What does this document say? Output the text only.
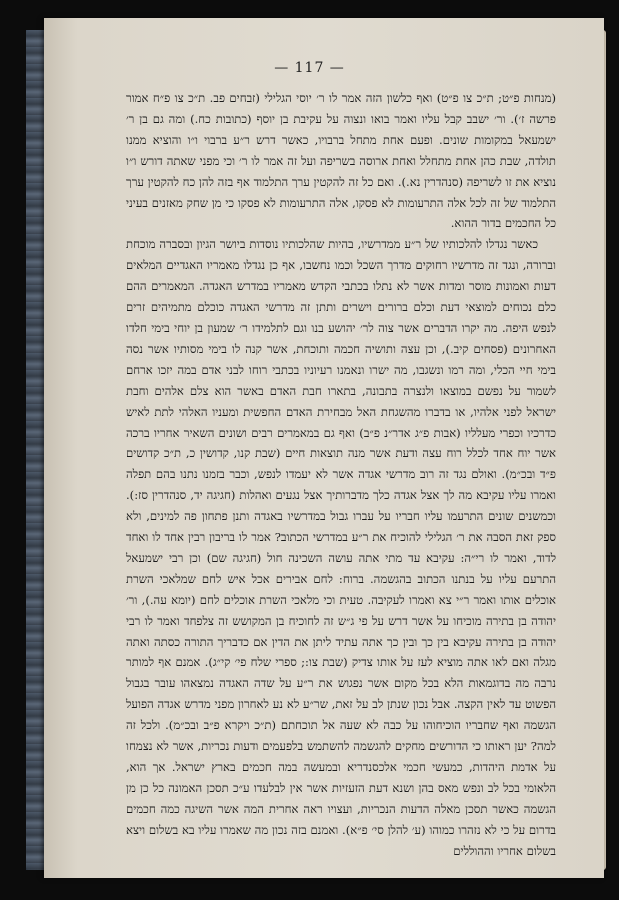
— 117 —

(מנחות פ״ט; ת״כ צו פ״ט) ואף כלשון הזה אמר לו ר׳ יוסי הגלילי (זבחים פב. ת״כ צו פ״ח אמור פרשה ז׳). ור׳ ישבב קבל עליו ואמר בואו ונצוה על עקיבת בן יוסף (כתובות כח.) ומה גם בן ר׳ ישמעאל במקומות שונים. ופעם אחת מתחל ברבויו, כאשר דרש ר״ע ברבוי ו״ו והוציא ממנו תולדה, שבת כהן אחת מתחלל ואחת ארוסה בשריפה ועל זה אמר לו ר׳ וכי מפני שאתה דורש ו״ו נוציא את זו לשריפה (סנהדרין נא.). ואם כל זה להקטין ערך התלמוד אף בזה להן כח להקטין ערך התלמוד של זה לכל אלה התרעומות לא פסקו, אלה התרעומות לא פסקו כי מן שחק מאזנים בעיני כל החכמים בדור ההוא.

כאשר נגדלו להלכותיו של ר״ע ממדרשיו, בהיות שהלכותיו נוסדות ביושר הגיון ובסברה מוכחת וברורה, ונגד זה מדרשיו רחוקים מדרך השכל וכמו נחשבו, אף כן נגדלו מאמריו האגדיים המלאים דעות ואמונות מוסר ומדות אשר לא נתלו בכתבי הקדש מאמריו במדרש האגדה. המאמרים ההם כלם נכוחים למוצאי דעת וכלם ברורים וישרים ותתן זה מדרשי האגדה כוכלם מתמיהים זרים לנפש היפה. מה יקרו הדברים אשר צוה לר׳ יהושע בנו וגם לתלמידו ר׳ שמעון בן יוחי בימי חלדו האחרונים (פסחים קיב.), וכן עצה ותושיה חכמה ותוכחת, אשר קנה לו בימי מסותיו אשר נסה בימי חיי הכלי, ומה רמו ונשגבו, מה ישרו ונאמנו רעיוניו בכתבי רוחו לבני אדם במה יזכו ארחם לשמור על נפשם במוצאו ולנצרה בתבונה, בתארו חבת האדם באשר הוא צלם אלהים וחבת ישראל לפני אלהיו, או בדברו מהשגחת האל מבחירת האדם החפשית ומעניו האלהי לתת לאיש כדרכיו וכפרי מעלליו (אבות פ״ג אדר״נ פ״ב) ואף גם במאמרים רבים ושונים השאיר אחריו ברכה אשר יוח אחד לכלל רוח עצה ודעת אשר מנה תוצאות חיים (שבת קנו, קדושין כ, ת״כ קדושים פ״ד ובכ״מ). ואולם נגד זה רוב מדרשי אגדה אשר לא יעמדו לנפש, וכבר בזמנו נתנו בהם תפלה ואמרו עליו עקיבא מה לך אצל אגדה כלך מדברותיך אצל נגעים ואהלות (חגיגה יד, סנהדרין סז:). וכמשנים שונים התרעמו עליו חבריו על עברו גבול במדרשיו באגדה ותנן פתחון פה למינים, ולא ספק זאת הסבה את ר׳ הגלילי להוכיח את ר״ע במדרשי הכתוב? אמר לו בריבון רבין אחד לו ואחד לדוד, ואמר לו רי״ה: עקיבא עד מתי אתה עושה השכינה חול (חגיגה שם) וכן רבי ישמעאל התרעם עליו על בנתנו הכתוב בהגשמה. ברוח: לחם אבירים אכל איש לחם שמלאכי השרת אוכלים אותו ואמר ר״י צא ואמרו לעקיבה. טעית וכי מלאכי השרת אוכלים לחם (יומא עה.), ור׳ יהודה בן בתירה מוכיחו על אשר דרש על פי ג״ש זה לחוכיח בן המקושש זה צלפחד ואמר לו רבי יהודה בן בתירה עקיבא בין כך ובין כך אתה עתיד ליתן את הדין אם כדבריך התורה כסתה ואתה מגלה ואם לאו אתה מוציא לעז על אותו צדיק (שבת צו:; ספרי שלח פי׳ קי״ג). אמנם אף למותר נרבה מה בדוגמאות הלא בכל מקום אשר נפגוש את ר״ע על שדה האגדה נמצאהו עובר בגבול הפשוט עד לאין הקצה. אבל נכון שנתן לב על זאת, שר״ע לא נע לאחרון מפני מדרש אגדה הפועל הגשמה ואף שחבריו הוכיחוהו על כבה לא שעה אל תוכחתם (ת״כ ויקרא פ״ב ובכ״מ). ולכל זה למה? יען ראותו כי הדורשים מחקים להגשמה להשתמש בלפעמים ודעות נכריות, אשר לא נצמחו על אדמת היהדות, כמעשי חכמי אלכסנדריא ובמעשה במה חכמים בארץ ישראל. אך הוא, הלאומי בכל לב ונפש מאס בהן ושנא דעת הזעזיות אשר אין לבלעדו ע״כ תסכן האמונה כל כן מן הגשמה כאשר תסכן מאלה הדעות הנכריות, ועצויו ראה אחרית המה אשר השיגה כמה חכמים בדרום על כי לא נזהרו כמוהו (ע׳ להלן סי׳ פ״א). ואמנם בזה נכון מה שאמרו עליו בא בשלום ויצא בשלום אחריו וההוללים
